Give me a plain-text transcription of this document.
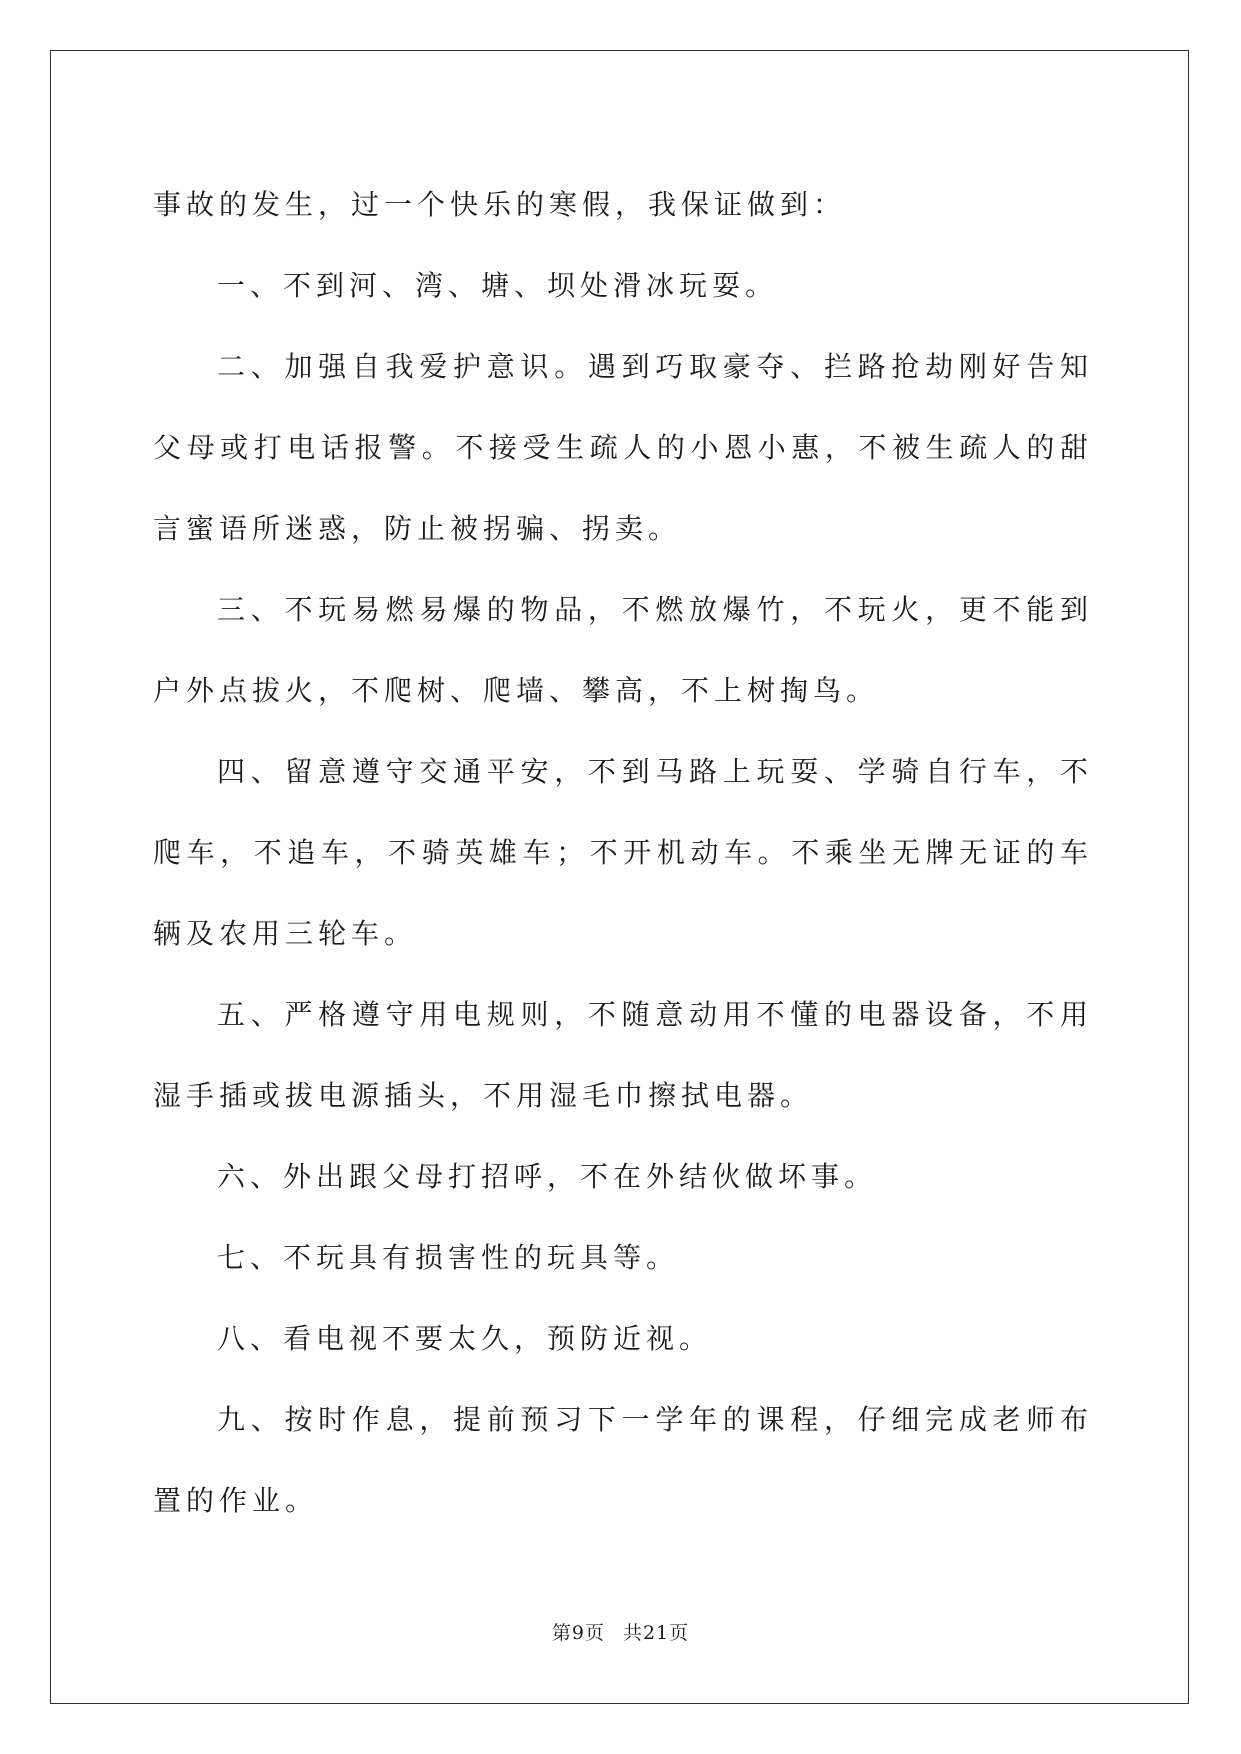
事故的发生，过一个快乐的寒假，我保证做到：

一、不到河、湾、塘、坝处滑冰玩耍。

二、加强自我爱护意识。遇到巧取豪夺、拦路抢劫刚好告知父母或打电话报警。不接受生疏人的小恩小惠，不被生疏人的甜言蜜语所迷惑，防止被拐骗、拐卖。

三、不玩易燃易爆的物品，不燃放爆竹，不玩火，更不能到户外点拔火，不爬树、爬墙、攀高，不上树掏鸟。

四、留意遵守交通平安，不到马路上玩耍、学骑自行车，不爬车，不追车，不骑英雄车；不开机动车。不乘坐无牌无证的车辆及农用三轮车。

五、严格遵守用电规则，不随意动用不懂的电器设备，不用湿手插或拔电源插头，不用湿毛巾擦拭电器。

六、外出跟父母打招呼，不在外结伙做坏事。

七、不玩具有损害性的玩具等。

八、看电视不要太久，预防近视。

九、按时作息，提前预习下一学年的课程，仔细完成老师布置的作业。

第9页 共21页
